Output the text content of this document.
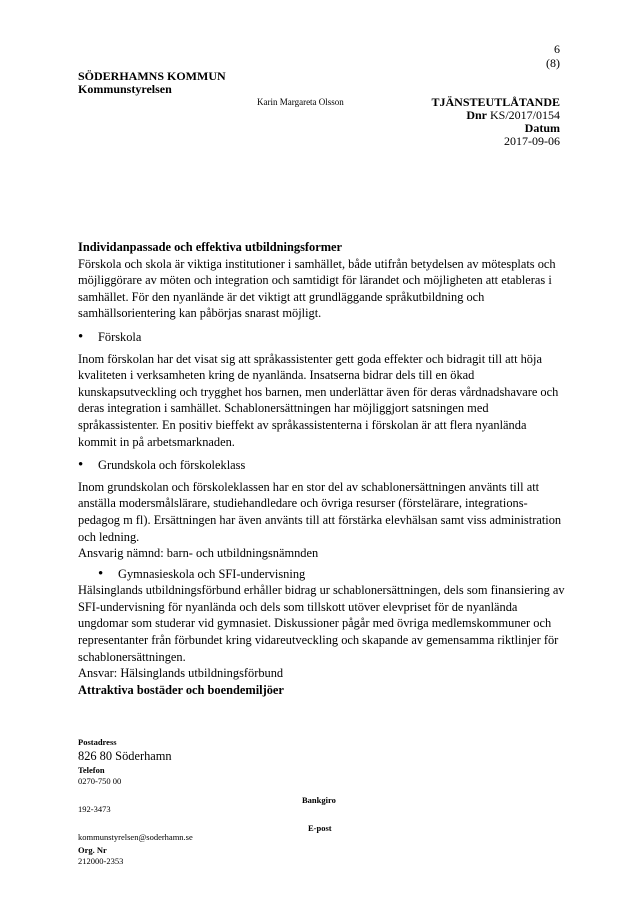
6
(8)
SÖDERHAMNS KOMMUN
Kommunstyrelsen
Karin Margareta Olsson	TJÄNSTEUTLÅTANDE
Dnr KS/2017/0154
Datum
2017-09-06

Individanpassade och effektiva utbildningsformer

Förskola och skola är viktiga institutioner i samhället, både utifrån betydelsen av mötesplats och möjliggörare av möten och integration och samtidigt för lärandet och möjligheten att etableras i samhället. För den nyanlände är det viktigt att grundläggande språkutbildning och samhällsorientering kan påbörjas snarast möjligt.

•	Förskola

Inom förskolan har det visat sig att språkassistenter gett goda effekter och bidragit till att höja kvaliteten i verksamheten kring de nyanlända. Insatserna bidrar dels till en ökad kunskapsutveckling och trygghet hos barnen, men underlättar även för deras vårdnadshavare och deras integration i samhället. Schablonersättningen har möjliggjort satsningen med språkassistenter. En positiv bieffekt av språkassistenterna i förskolan är att flera nyanlända kommit in på arbetsmarknaden.

•	Grundskola och förskoleklass

Inom grundskolan och förskoleklassen har en stor del av schablonersättningen använts till att anställa modersmålslärare, studiehandledare och övriga resurser (förstelärare, integrations-pedagog m fl). Ersättningen har även använts till att förstärka elevhälsan samt viss administration och ledning.

Ansvarig nämnd: barn- och utbildningsnämnden

•	Gymnasieskola och SFI-undervisning

Hälsinglands utbildningsförbund erhåller bidrag ur schablonersättningen, dels som finansiering av SFI-undervisning för nyanlända och dels som tillskott utöver elevpriset för de nyanlända ungdomar som studerar vid gymnasiet. Diskussioner pågår med övriga medlemskommuner och representanter från förbundet kring vidareutveckling och skapande av gemensamma riktlinjer för schablonersättningen.

Ansvar: Hälsinglands utbildningsförbund

Attraktiva bostäder och boendemiljöer

Postadress
826 80 Söderhamn
Telefon
0270-750 00
Bankgiro
192-3473
E-post
kommunstyrelsen@soderhamn.se
Org. Nr
212000-2353
